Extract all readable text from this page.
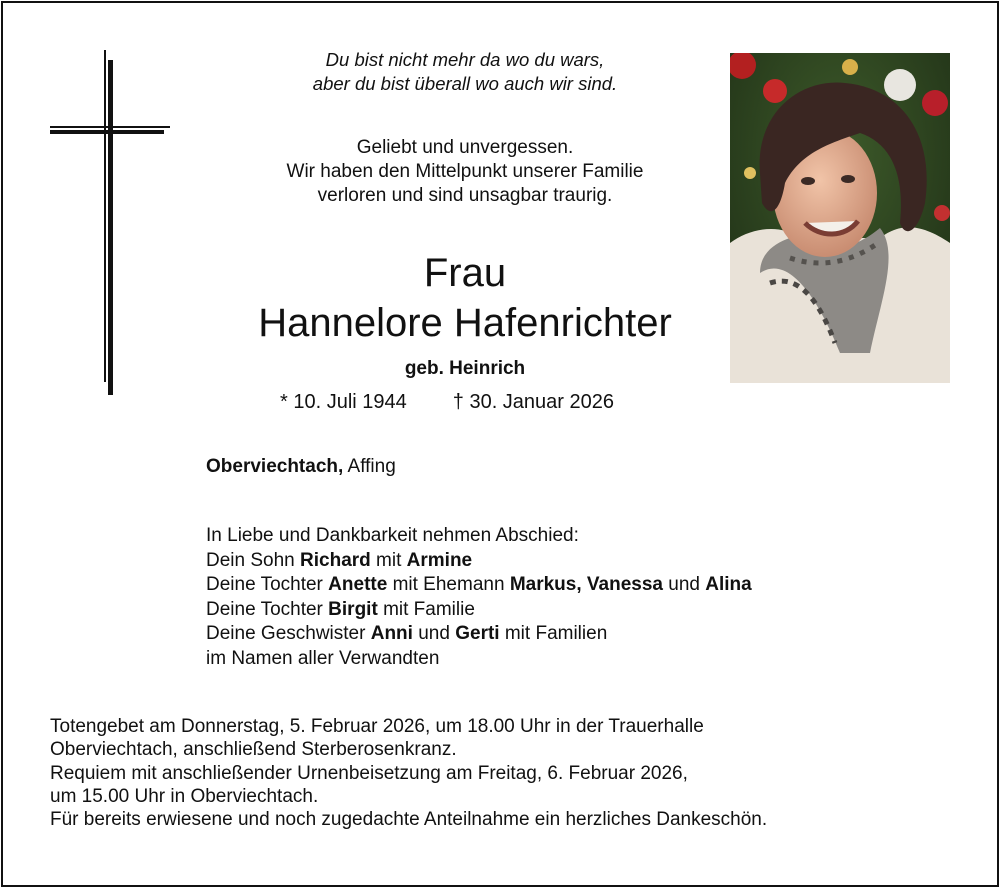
Du bist nicht mehr da wo du wars,
aber du bist überall wo auch wir sind.
Geliebt und unvergessen.
Wir haben den Mittelpunkt unserer Familie
verloren und sind unsagbar traurig.
Frau
Hannelore Hafenrichter
geb. Heinrich
* 10. Juli 1944 † 30. Januar 2026
Oberviechtach, Affing
In Liebe und Dankbarkeit nehmen Abschied:
Dein Sohn Richard mit Armine
Deine Tochter Anette mit Ehemann Markus, Vanessa und Alina
Deine Tochter Birgit mit Familie
Deine Geschwister Anni und Gerti mit Familien
im Namen aller Verwandten
Totengebet am Donnerstag, 5. Februar 2026, um 18.00 Uhr in der Trauerhalle
Oberviechtach, anschließend Sterberosenkranz.
Requiem mit anschließender Urnenbeisetzung am Freitag, 6. Februar 2026,
um 15.00 Uhr in Oberviechtach.
Für bereits erwiesene und noch zugedachte Anteilnahme ein herzliches Dankeschön.
